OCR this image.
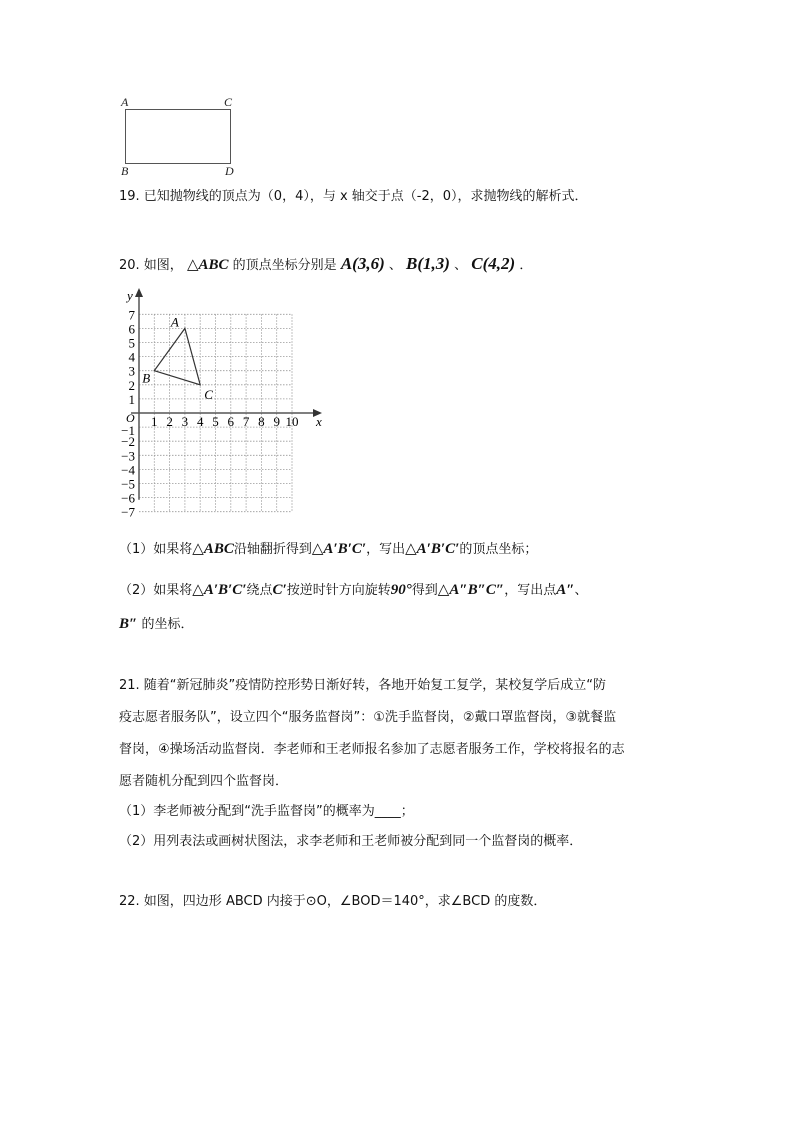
A	C
B	D
19. 已知抛物线的顶点为（0，4），与 x 轴交于点（-2，0），求抛物线的解析式．
20. 如图， △ABC 的顶点坐标分别是 A(3,6) 、 B(1,3) 、 C(4,2) ．
x
y
O 1 2 3 4 5 6 7 8 9 10
7
6
5
4
3
2
1
−1
−2
−3
−4
−5
−6
−7
A
B
C
（1）如果将△ABC沿轴翻折得到△A′B′C′，写出△A′B′C′的顶点坐标；
（2）如果将△A′B′C′绕点C′按逆时针方向旋转90°得到△A″B″C″，写出点A″、
B″ 的坐标．
21. 随着“新冠肺炎”疫情防控形势日渐好转，各地开始复工复学，某校复学后成立“防
疫志愿者服务队”，设立四个“服务监督岗”：①洗手监督岗，②戴口罩监督岗，③就餐监
督岗，④操场活动监督岗．李老师和王老师报名参加了志愿者服务工作，学校将报名的志
愿者随机分配到四个监督岗．
（1）李老师被分配到“洗手监督岗”的概率为____；
（2）用列表法或画树状图法，求李老师和王老师被分配到同一个监督岗的概率．
22. 如图，四边形 ABCD 内接于⊙O，∠BOD＝140°，求∠BCD 的度数．
